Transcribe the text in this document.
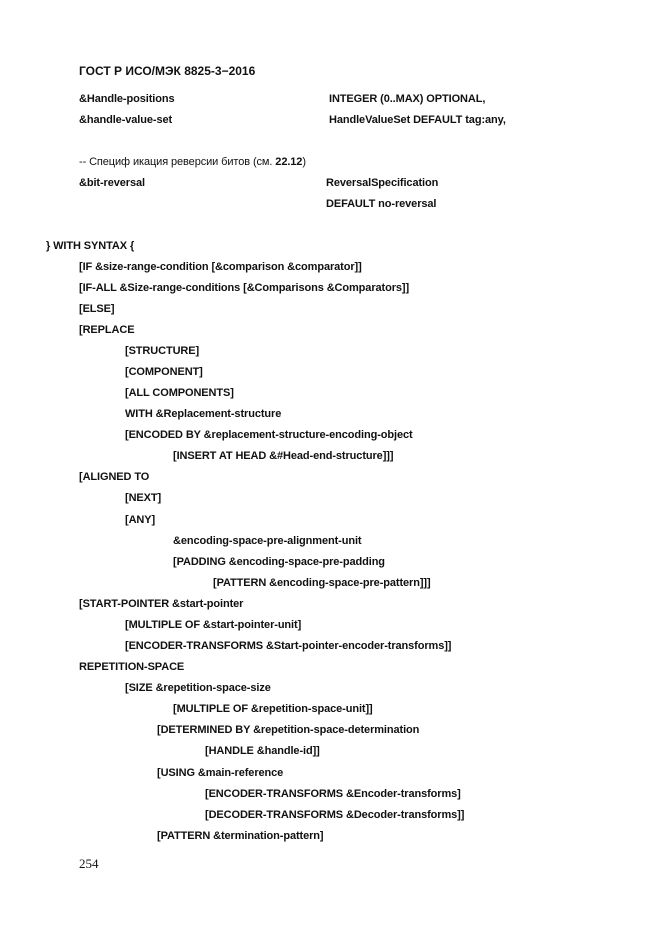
ГОСТ Р ИСО/МЭК 8825-3−2016
&Handle-positions	INTEGER (0..MAX) OPTIONAL,
&handle-value-set	HandleValueSet DEFAULT tag:any,
-- Специф икация реверсии битов (см. 22.12)
&bit-reversal	ReversalSpecification
DEFAULT no-reversal
} WITH SYNTAX {
[IF &size-range-condition [&comparison &comparator]]
[IF-ALL &Size-range-conditions [&Comparisons &Comparators]]
[ELSE]
[REPLACE
[STRUCTURE]
[COMPONENT]
[ALL COMPONENTS]
WITH &Replacement-structure
[ENCODED BY &replacement-structure-encoding-object
[INSERT AT HEAD &#Head-end-structure]]]
[ALIGNED TO
[NEXT]
[ANY]
&encoding-space-pre-alignment-unit
[PADDING &encoding-space-pre-padding
[PATTERN &encoding-space-pre-pattern]]]
[START-POINTER &start-pointer
[MULTIPLE OF &start-pointer-unit]
[ENCODER-TRANSFORMS &Start-pointer-encoder-transforms]]
REPETITION-SPACE
[SIZE &repetition-space-size
[MULTIPLE OF &repetition-space-unit]]
[DETERMINED BY &repetition-space-determination
[HANDLE &handle-id]]
[USING &main-reference
[ENCODER-TRANSFORMS &Encoder-transforms]
[DECODER-TRANSFORMS &Decoder-transforms]]
[PATTERN &termination-pattern]
254
